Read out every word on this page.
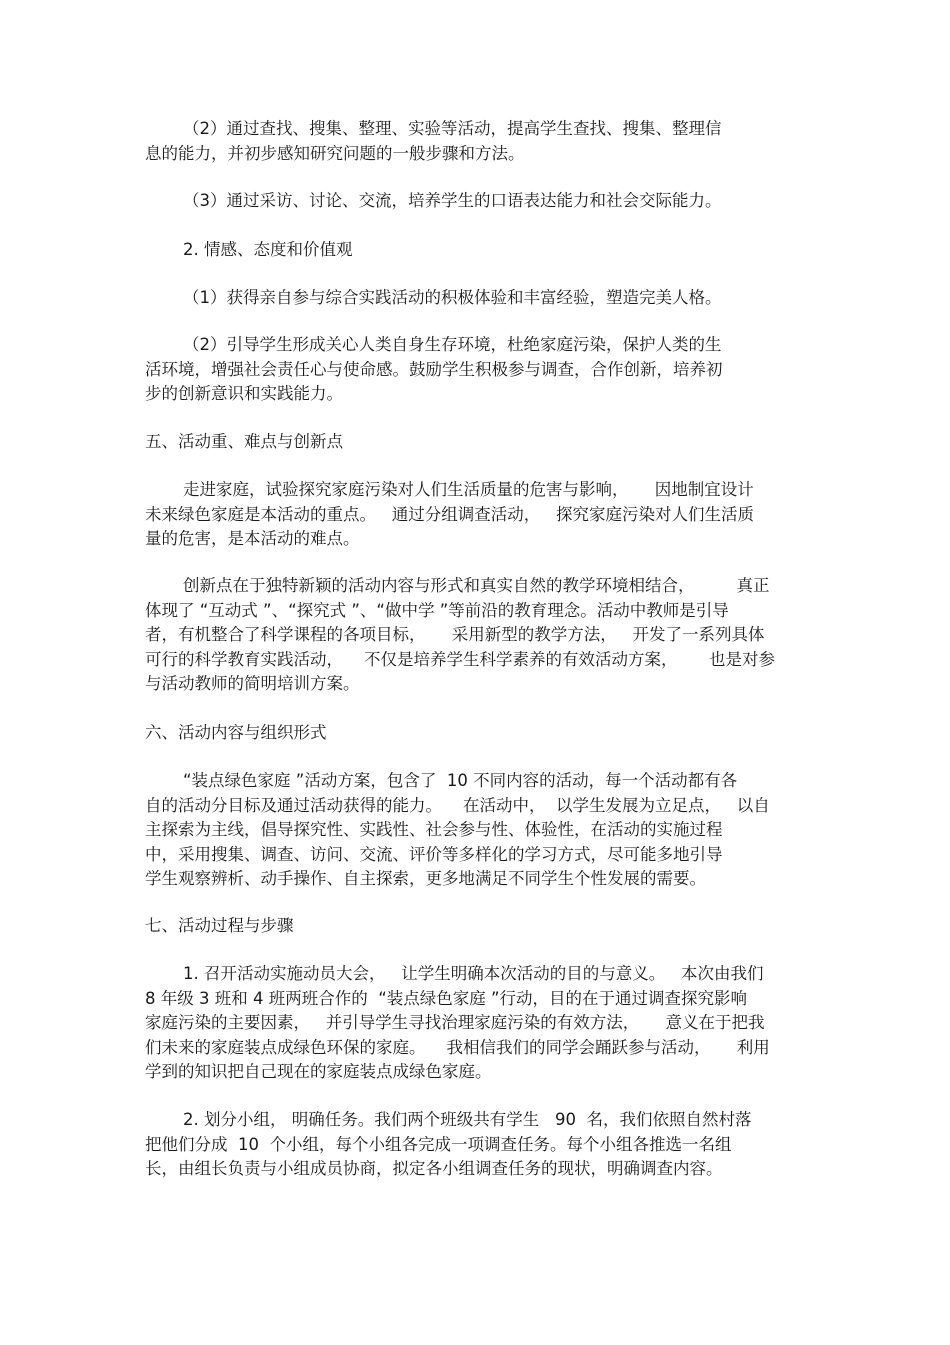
（2）通过查找、搜集、整理、实验等活动，提高学生查找、搜集、整理信
息的能力，并初步感知研究问题的一般步骤和方法。
（3）通过采访、讨论、交流，培养学生的口语表达能力和社会交际能力。
2. 情感、态度和价值观
（1）获得亲自参与综合实践活动的积极体验和丰富经验，塑造完美人格。
（2）引导学生形成关心人类自身生存环境，杜绝家庭污染，保护人类的生
活环境，增强社会责任心与使命感。鼓励学生积极参与调查，合作创新，培养初
步的创新意识和实践能力。
五、活动重、难点与创新点
走进家庭，试验探究家庭污染对人们生活质量的危害与影响，     因地制宜设计
未来绿色家庭是本活动的重点。   通过分组调查活动，   探究家庭污染对人们生活质
量的危害，是本活动的难点。
创新点在于独特新颖的活动内容与形式和真实自然的教学环境相结合，        真正
体现了 “互动式 ”、“探究式 ”、“做中学 ”等前沿的教育理念。活动中教师是引导
者，有机整合了科学课程的各项目标，     采用新型的教学方法，   开发了一系列具体
可行的科学教育实践活动，    不仅是培养学生科学素养的有效活动方案，      也是对参
与活动教师的简明培训方案。
六、活动内容与组织形式
“装点绿色家庭 ”活动方案，包含了  10 不同内容的活动，每一个活动都有各
自的活动分目标及通过活动获得的能力。    在活动中，  以学生发展为立足点，   以自
主探索为主线，倡导探究性、实践性、社会参与性、体验性，在活动的实施过程
中，采用搜集、调查、访问、交流、评价等多样化的学习方式，尽可能多地引导
学生观察辨析、动手操作、自主探索，更多地满足不同学生个性发展的需要。
七、活动过程与步骤
1. 召开活动实施动员大会，   让学生明确本次活动的目的与意义。   本次由我们
8 年级 3 班和 4 班两班合作的  “装点绿色家庭 ”行动，目的在于通过调查探究影响
家庭污染的主要因素，   并引导学生寻找治理家庭污染的有效方法，     意义在于把我
们未来的家庭装点成绿色环保的家庭。    我相信我们的同学会踊跃参与活动，     利用
学到的知识把自己现在的家庭装点成绿色家庭。
2. 划分小组， 明确任务。我们两个班级共有学生   90  名，我们依照自然村落
把他们分成  10  个小组，每个小组各完成一项调查任务。每个小组各推选一名组
长，由组长负责与小组成员协商，拟定各小组调查任务的现状，明确调查内容。
